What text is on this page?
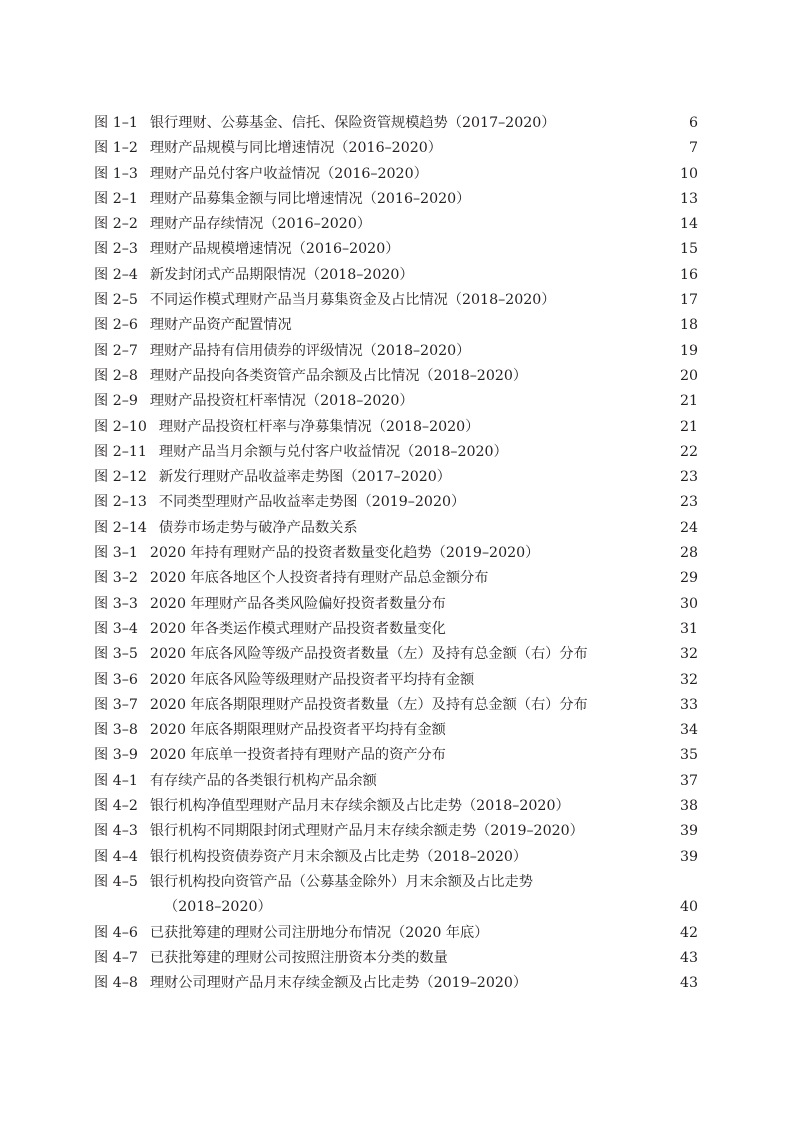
图 1–1 银行理财、公募基金、信托、保险资管规模趋势（2017–2020）	6
图 1–2 理财产品规模与同比增速情况（2016–2020）	7
图 1–3 理财产品兑付客户收益情况（2016–2020）	10
图 2–1 理财产品募集金额与同比增速情况（2016–2020）	13
图 2–2 理财产品存续情况（2016–2020）	14
图 2–3 理财产品规模增速情况（2016–2020）	15
图 2–4 新发封闭式产品期限情况（2018–2020）	16
图 2–5 不同运作模式理财产品当月募集资金及占比情况（2018–2020）	17
图 2–6 理财产品资产配置情况	18
图 2–7 理财产品持有信用债券的评级情况（2018–2020）	19
图 2–8 理财产品投向各类资管产品余额及占比情况（2018–2020）	20
图 2–9 理财产品投资杠杆率情况（2018–2020）	21
图 2–10 理财产品投资杠杆率与净募集情况（2018–2020）	21
图 2–11 理财产品当月余额与兑付客户收益情况（2018–2020）	22
图 2–12 新发行理财产品收益率走势图（2017–2020）	23
图 2–13 不同类型理财产品收益率走势图（2019–2020）	23
图 2–14 债券市场走势与破净产品数关系	24
图 3–1 2020 年持有理财产品的投资者数量变化趋势（2019–2020）	28
图 3–2 2020 年底各地区个人投资者持有理财产品总金额分布	29
图 3–3 2020 年理财产品各类风险偏好投资者数量分布	30
图 3–4 2020 年各类运作模式理财产品投资者数量变化	31
图 3–5 2020 年底各风险等级产品投资者数量（左）及持有总金额（右）分布	32
图 3–6 2020 年底各风险等级理财产品投资者平均持有金额	32
图 3–7 2020 年底各期限理财产品投资者数量（左）及持有总金额（右）分布	33
图 3–8 2020 年底各期限理财产品投资者平均持有金额	34
图 3–9 2020 年底单一投资者持有理财产品的资产分布	35
图 4–1 有存续产品的各类银行机构产品余额	37
图 4–2 银行机构净值型理财产品月末存续余额及占比走势（2018–2020）	38
图 4–3 银行机构不同期限封闭式理财产品月末存续余额走势（2019–2020）	39
图 4–4 银行机构投资债券资产月末余额及占比走势（2018–2020）	39
图 4–5 银行机构投向资管产品（公募基金除外）月末余额及占比走势
（2018–2020）	40
图 4–6 已获批筹建的理财公司注册地分布情况（2020 年底）	42
图 4–7 已获批筹建的理财公司按照注册资本分类的数量	43
图 4–8 理财公司理财产品月末存续金额及占比走势（2019–2020）	43
